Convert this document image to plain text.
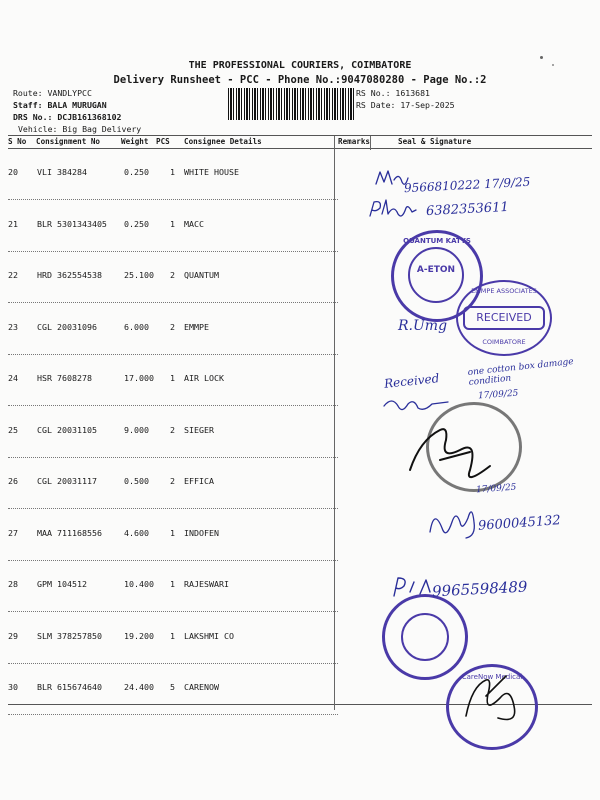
THE PROFESSIONAL COURIERS, COIMBATORE
Delivery Runsheet - PCC - Phone No.:9047080280 - Page No.:2
Route: VANDLYPCC
Staff: BALA MURUGAN
DRS No.: DCJB161368102
Vehicle: Big Bag Delivery
RS No.: 1613681
RS Date: 17-Sep-2025
S No Consignment No	Weight PCS Consignee Details	Remarks	Seal & Signature
20 VLI 384284	0.250	1 WHITE HOUSE
21 BLR 5301343405 0.250	1 MACC
22 HRD 362554538	25.100 2 QUANTUM
23 CGL 20031096	6.000	2 EMMPE
24 HSR 7608278	17.000 1 AIR LOCK
25 CGL 20031105	9.000	2 SIEGER
26 CGL 20031117	0.500	2 EFFICA
27 MAA 711168556	4.600	1 INDOFEN
28 GPM 104512	10.400 1 RAJESWARI
29 SLM 378257850	19.200 1 LAKSHMI CO
30 BLR 615674640	24.400 5 CARENOW
9566810222 17/9/25
6382353611
QUANTUM KATYS
A-ETON
EMMPE ASSOCIATES
RECEIVED
COIMBATORE
R.Umg
one cotton box damage condition
Received
17/09/25
17/09/25
9600045132
9965598489
CareNow Medical
